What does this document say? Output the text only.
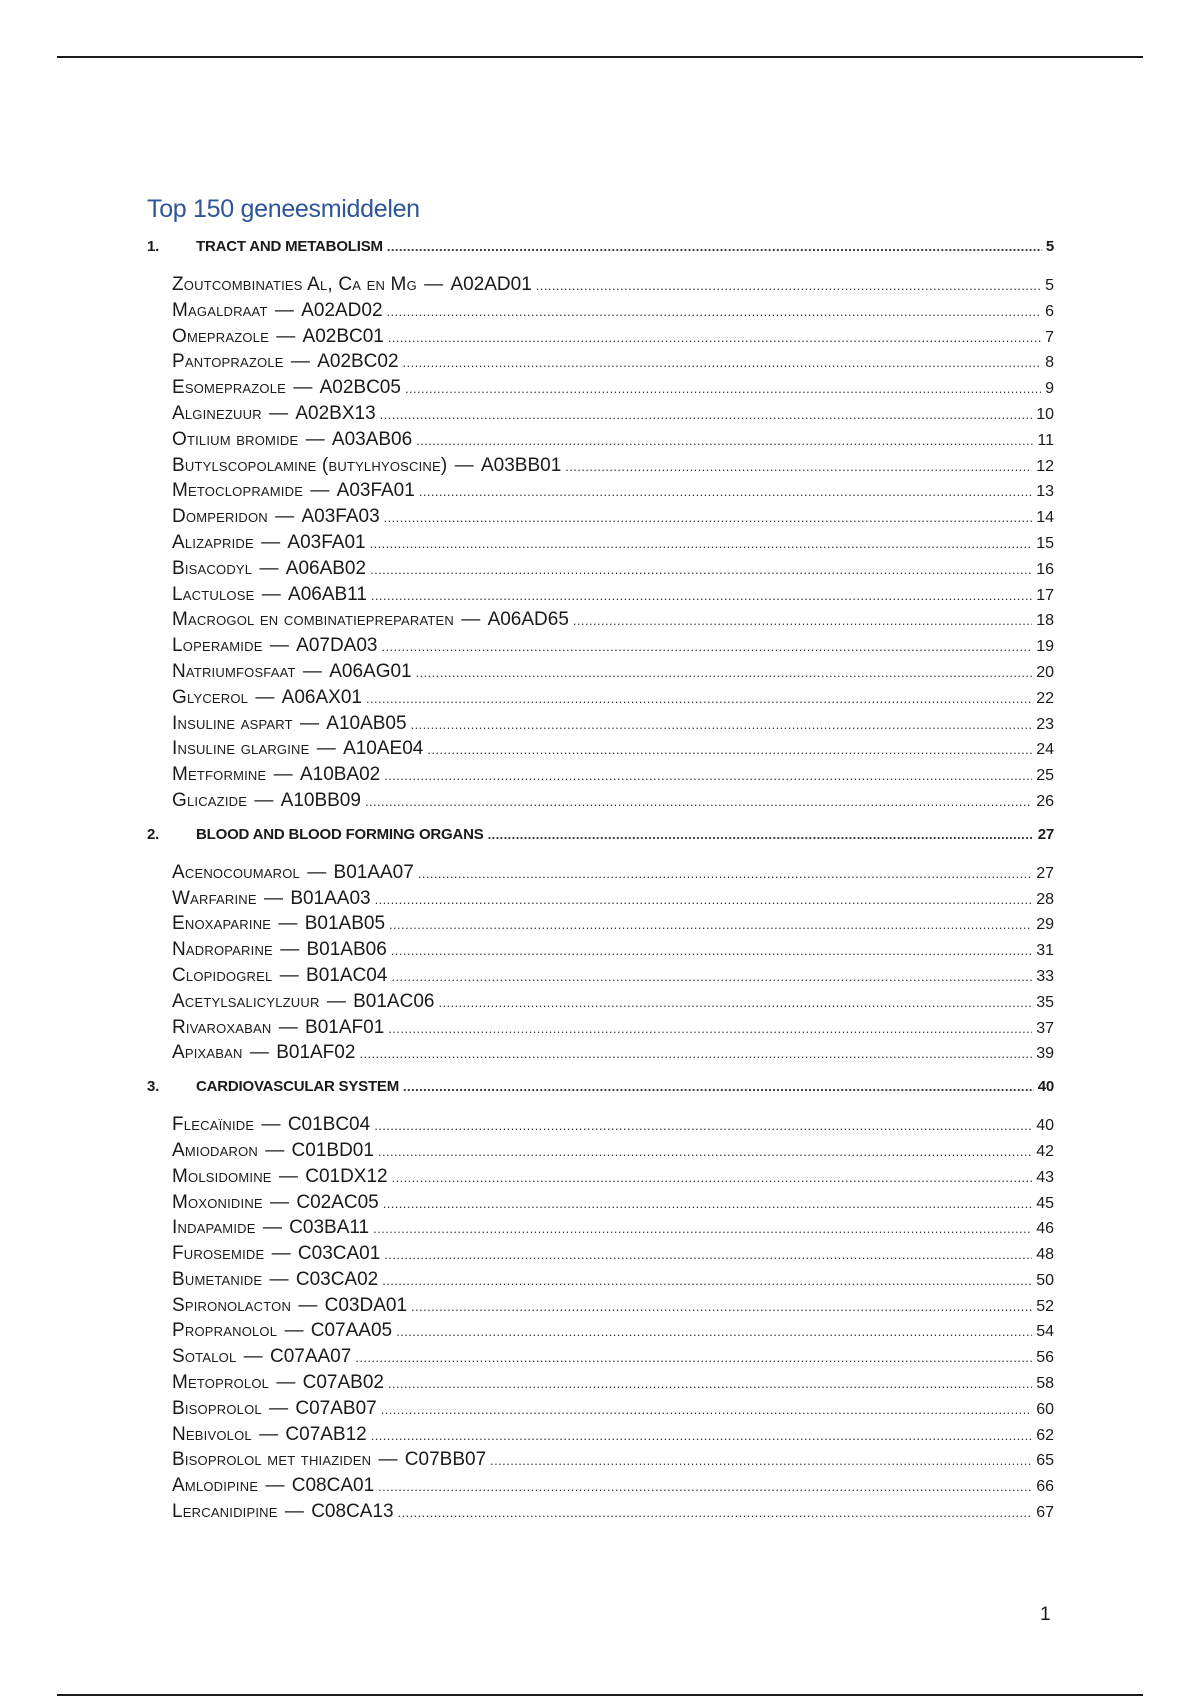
Top 150 geneesmiddelen
1.	TRACT AND METABOLISM .....	5
Zoutcombinaties Al, Ca en Mg — A02AD01 .....	5
Magaldraat — A02AD02 .....	6
Omeprazole — A02BC01 .....	7
Pantoprazole — A02BC02 .....	8
Esomeprazole — A02BC05 .....	9
Alginezuur — A02BX13 .....	10
Otilium bromide — A03AB06 .....	11
Butylscopolamine (butylhyoscine) — A03BB01 .....	12
Metoclopramide — A03FA01 .....	13
Domperidon — A03FA03 .....	14
Alizapride — A03FA01 .....	15
Bisacodyl — A06AB02 .....	16
Lactulose — A06AB11 .....	17
Macrogol en combinatiepreparaten — A06AD65 .....	18
Loperamide — A07DA03 .....	19
Natriumfosfaat — A06AG01 .....	20
Glycerol — A06AX01 .....	22
Insuline aspart — A10AB05 .....	23
Insuline glargine — A10AE04 .....	24
Metformine — A10BA02 .....	25
Glicazide — A10BB09 .....	26
2.	BLOOD AND BLOOD FORMING ORGANS .....	27
Acenocoumarol — B01AA07 .....	27
Warfarine — B01AA03 .....	28
Enoxaparine — B01AB05 .....	29
Nadroparine — B01AB06 .....	31
Clopidogrel — B01AC04 .....	33
Acetylsalicylzuur — B01AC06 .....	35
Rivaroxaban — B01AF01 .....	37
Apixaban — B01AF02 .....	39
3.	CARDIOVASCULAR SYSTEM .....	40
Flecaïnide — C01BC04 .....	40
Amiodaron — C01BD01 .....	42
Molsidomine — C01DX12 .....	43
Moxonidine — C02AC05 .....	45
Indapamide — C03BA11 .....	46
Furosemide — C03CA01 .....	48
Bumetanide — C03CA02 .....	50
Spironolacton — C03DA01 .....	52
Propranolol — C07AA05 .....	54
Sotalol — C07AA07 .....	56
Metoprolol — C07AB02 .....	58
Bisoprolol — C07AB07 .....	60
Nebivolol — C07AB12 .....	62
Bisoprolol met thiaziden — C07BB07 .....	65
Amlodipine — C08CA01 .....	66
Lercanidipine — C08CA13 .....	67
1
